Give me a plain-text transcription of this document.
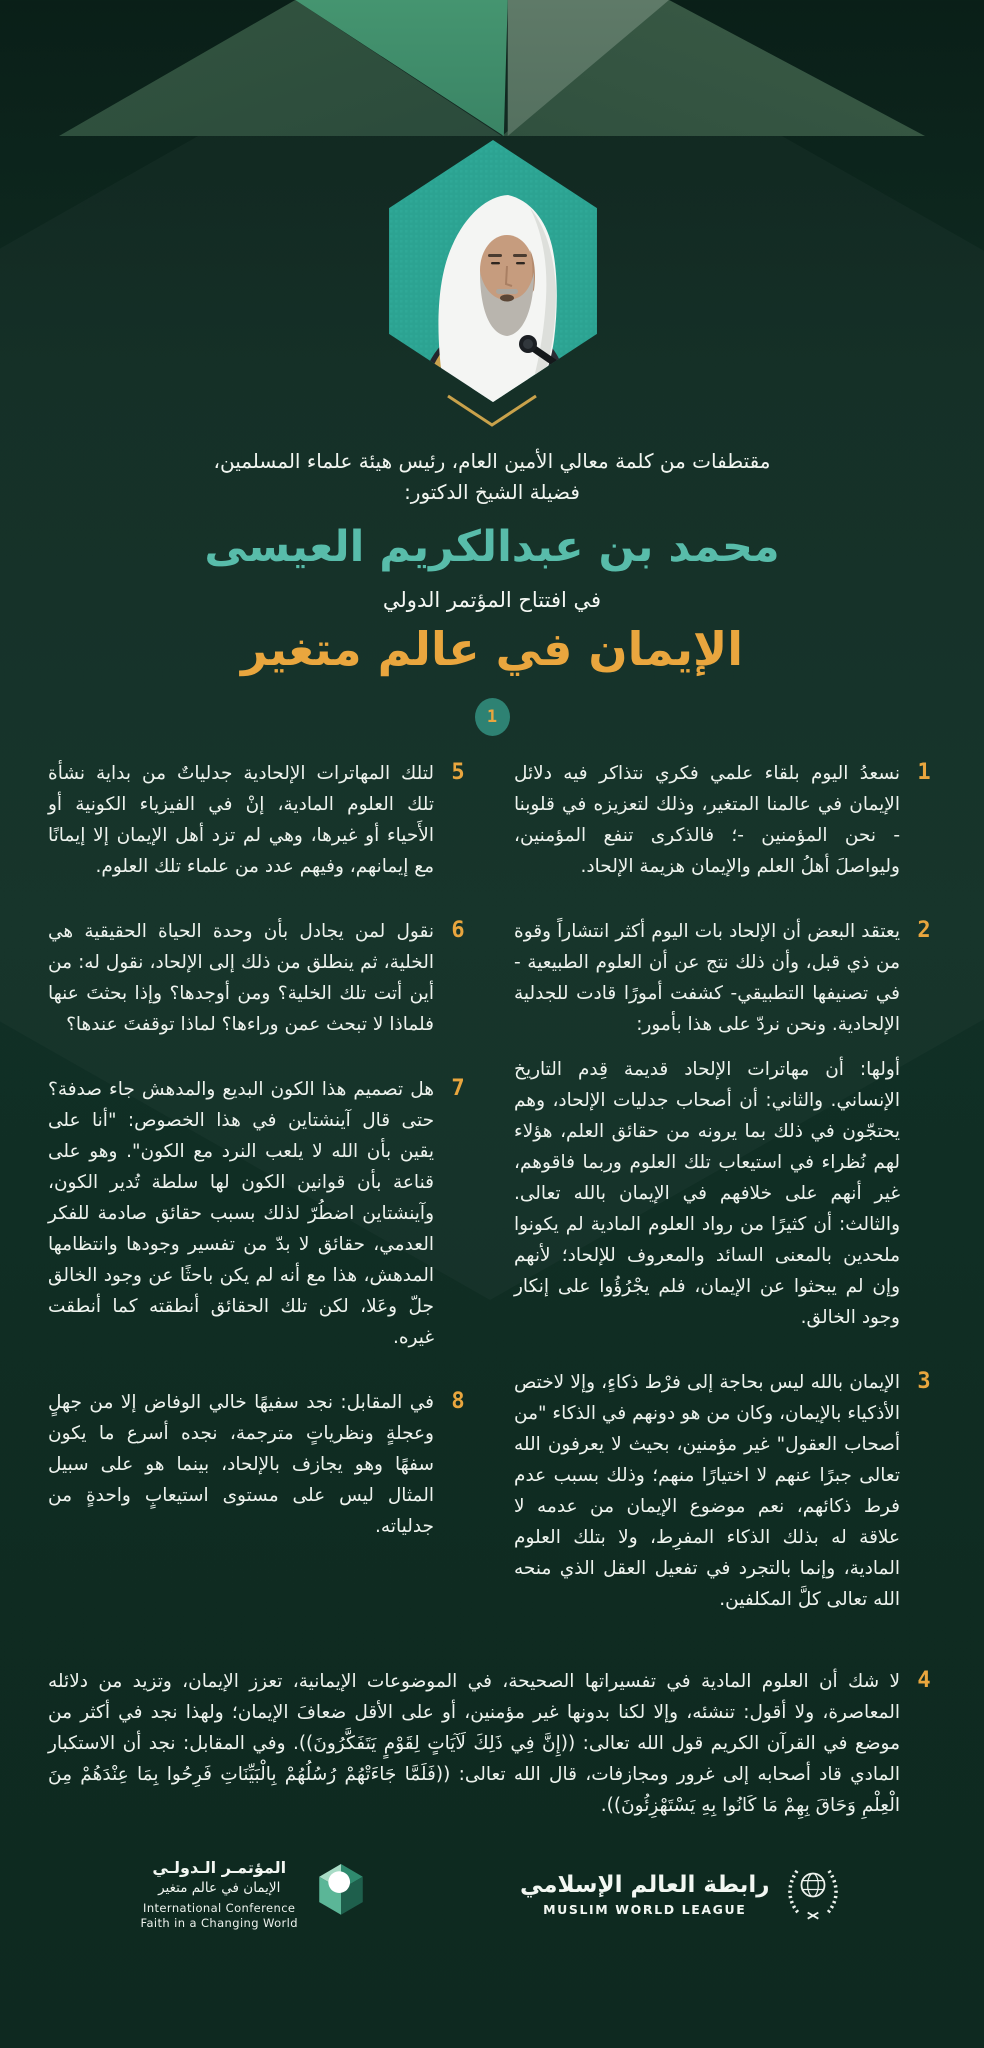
مقتطفات من كلمة معالي الأمين العام، رئيس هيئة علماء المسلمين،
فضيلة الشيخ الدكتور:
محمد بن عبدالكريم العيسى
في افتتاح المؤتمر الدولي
الإيمان في عالم متغير
1
1

نسعدُ اليوم بلقاء علمي فكري نتذاكر فيه دلائل الإيمان في عالمنا المتغير، وذلك لتعزيزه في قلوبنا - نحن المؤمنين -؛ فالذكرى تنفع المؤمنين، وليواصلَ أهلُ العلم والإيمان هزيمة الإلحاد.

2

يعتقد البعض أن الإلحاد بات اليوم أكثر انتشاراً وقوة من ذي قبل، وأن ذلك نتج عن أن العلوم الطبيعية - في تصنيفها التطبيقي- كشفت أمورًا قادت للجدلية الإلحادية. ونحن نردّ على هذا بأمور:

أولها: أن مهاترات الإلحاد قديمة قِدم التاريخ الإنساني. والثاني: أن أصحاب جدليات الإلحاد، وهم يحتجّون في ذلك بما يرونه من حقائق العلم، هؤلاء لهم نُظراء في استيعاب تلك العلوم وربما فاقوهم، غير أنهم على خلافهم في الإيمان بالله تعالى. والثالث: أن كثيرًا من رواد العلوم المادية لم يكونوا ملحدين بالمعنى السائد والمعروف للإلحاد؛ لأنهم وإن لم يبحثوا عن الإيمان، فلم يجْرُؤُوا على إنكار وجود الخالق.

3

الإيمان بالله ليس بحاجة إلى فرْط ذكاءٍ، وإلا لاختص الأذكياء بالإيمان، وكان من هو دونهم في الذكاء "من أصحاب العقول" غير مؤمنين، بحيث لا يعرفون الله تعالى جبرًا عنهم لا اختيارًا منهم؛ وذلك بسبب عدم فرط ذكائهم، نعم موضوع الإيمان من عدمه لا علاقة له بذلك الذكاء المفرِط، ولا بتلك العلوم المادية، وإنما بالتجرد في تفعيل العقل الذي منحه الله تعالى كلَّ المكلفين.

5

لتلك المهاترات الإلحادية جدلياتٌ من بداية نشأة تلك العلوم المادية، إنْ في الفيزياء الكونية أو الأَحياء أو غيرها، وهي لم تزد أهل الإيمان إلا إيمانًا مع إيمانهم، وفيهم عدد من علماء تلك العلوم.

6

نقول لمن يجادل بأن وحدة الحياة الحقيقية هي الخلية، ثم ينطلق من ذلك إلى الإلحاد، نقول له: من أين أتت تلك الخلية؟ ومن أوجدها؟ وإذا بحثتَ عنها فلماذا لا تبحث عمن وراءها؟ لماذا توقفتَ عندها؟

7

هل تصميم هذا الكون البديع والمدهش جاء صدفة؟ حتى قال آينشتاين في هذا الخصوص: "أنا على يقين بأن الله لا يلعب النرد مع الكون". وهو على قناعة بأن قوانين الكون لها سلطة تُدير الكون، وآينشتاين اضطُرّ لذلك بسبب حقائق صادمة للفكر العدمي، حقائق لا بدّ من تفسير وجودها وانتظامها المدهش، هذا مع أنه لم يكن باحثًا عن وجود الخالق جلّ وعَلا، لكن تلك الحقائق أنطقته كما أنطقت غيره.

8

في المقابل: نجد سفيهًا خالي الوفاض إلا من جهلٍ وعجلةٍ ونظرياتٍ مترجمة، نجده أسرع ما يكون سفهًا وهو يجازف بالإلحاد، بينما هو على سبيل المثال ليس على مستوى استيعابٍ واحدةٍ من جدلياته.

4

لا شك أن العلوم المادية في تفسيراتها الصحيحة، في الموضوعات الإيمانية، تعزز الإيمان، وتزيد من دلائله المعاصرة، ولا أقول: تنشئه، وإلا لكنا بدونها غير مؤمنين، أو على الأقل ضعافَ الإيمان؛ ولهذا نجد في أكثر من موضع في القرآن الكريم قول الله تعالى: ((إِنَّ فِي ذَلِكَ لَآيَاتٍ لِقَوْمٍ يَتَفَكَّرُونَ)). وفي المقابل: نجد أن الاستكبار المادي قاد أصحابه إلى غرور ومجازفات، قال الله تعالى: ((فَلَمَّا جَاءَتْهُمْ رُسُلُهُمْ بِالْبَيِّنَاتِ فَرِحُوا بِمَا عِنْدَهُمْ مِنَ الْعِلْمِ وَحَاقَ بِهِمْ مَا كَانُوا بِهِ يَسْتَهْزِئُونَ)).

المؤتمـر الـدولـي
الإيمان في عالم متغير
International Conference
Faith in a Changing World
رابطة العالم الإسلامي
MUSLIM WORLD LEAGUE
